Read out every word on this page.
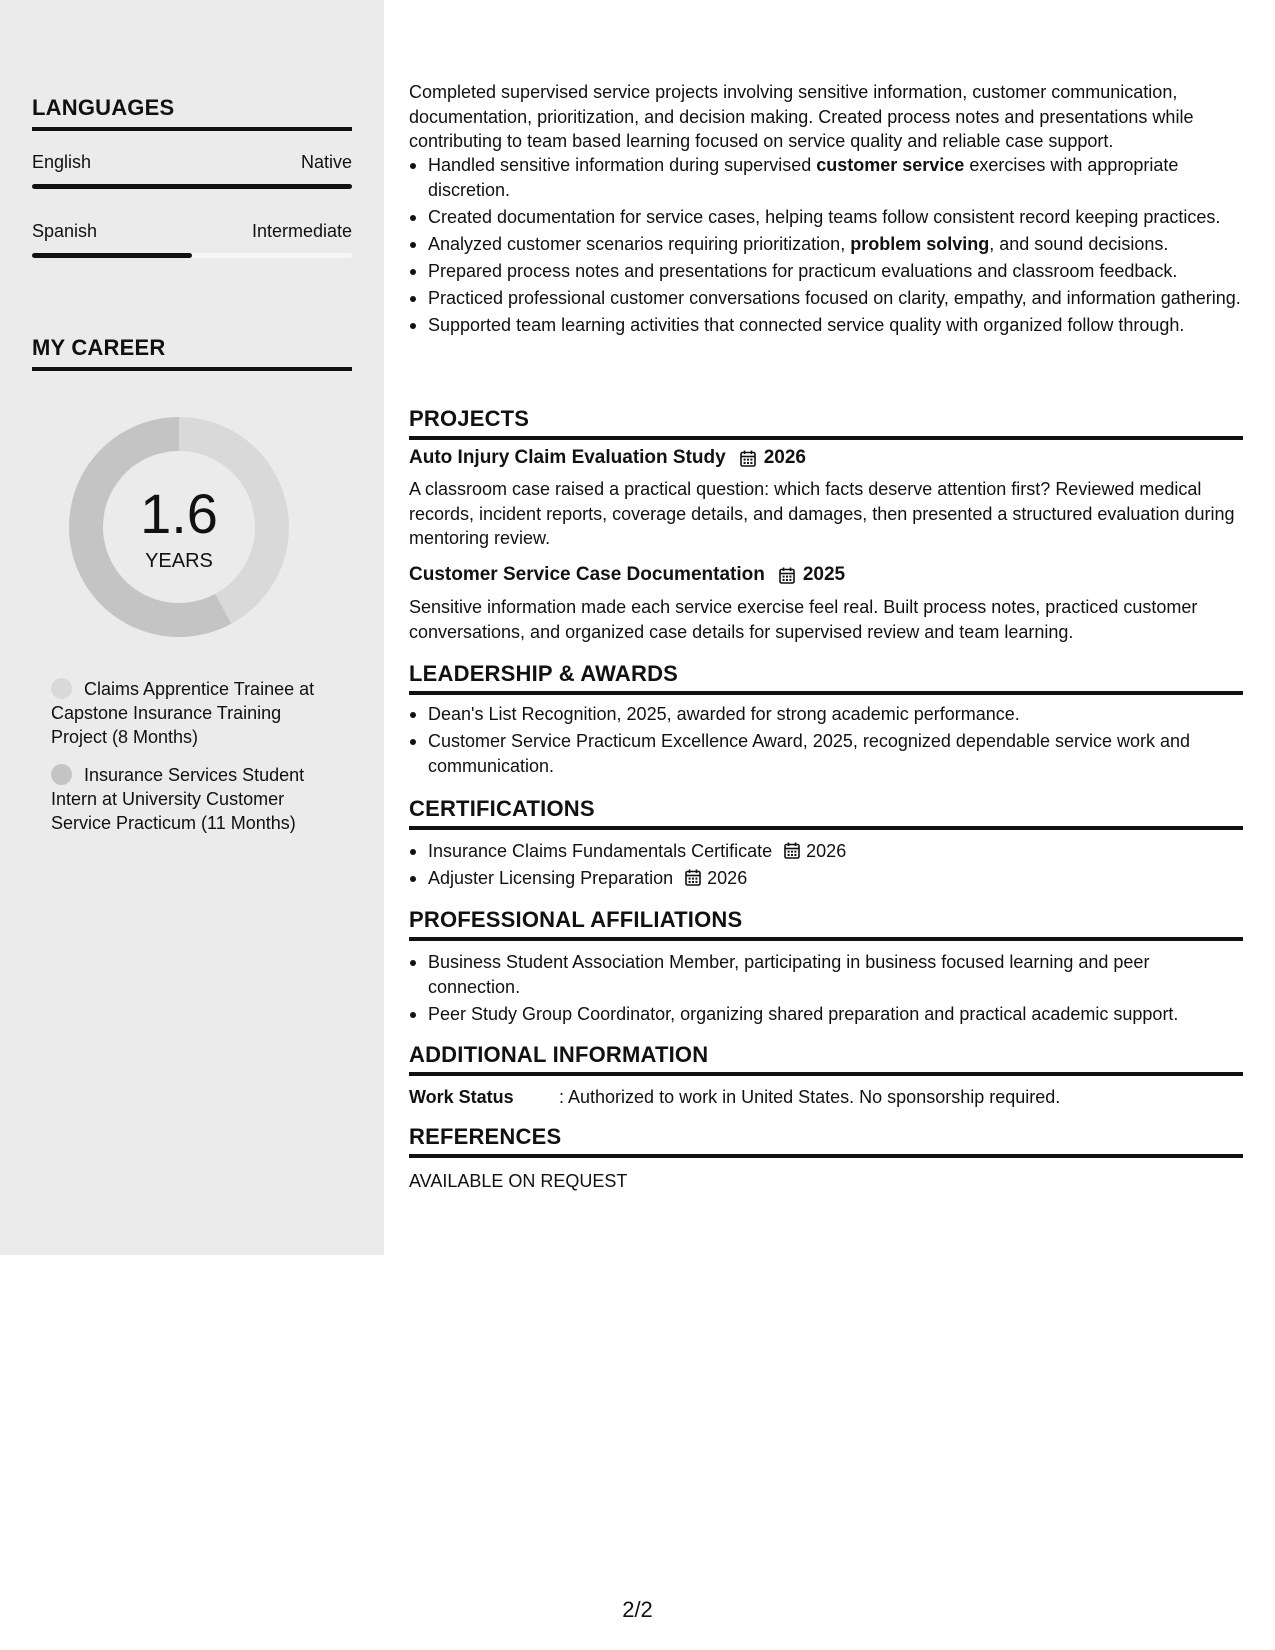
LANGUAGES
English	Native
Spanish	Intermediate
MY CAREER
1.6
YEARS
Claims Apprentice Trainee at Capstone Insurance Training Project (8 Months)
Insurance Services Student Intern at University Customer Service Practicum (11 Months)

Completed supervised service projects involving sensitive information, customer communication, documentation, prioritization, and decision making. Created process notes and presentations while contributing to team based learning focused on service quality and reliable case support.

Handled sensitive information during supervised customer service exercises with appropriate discretion.
Created documentation for service cases, helping teams follow consistent record keeping practices.
Analyzed customer scenarios requiring prioritization, problem solving, and sound decisions.
Prepared process notes and presentations for practicum evaluations and classroom feedback.
Practiced professional customer conversations focused on clarity, empathy, and information gathering.
Supported team learning activities that connected service quality with organized follow through.
PROJECTS
Auto Injury Claim Evaluation Study 2026

A classroom case raised a practical question: which facts deserve attention first? Reviewed medical records, incident reports, coverage details, and damages, then presented a structured evaluation during mentoring review.

Customer Service Case Documentation 2025

Sensitive information made each service exercise feel real. Built process notes, practiced customer conversations, and organized case details for supervised review and team learning.

LEADERSHIP & AWARDS
Dean's List Recognition, 2025, awarded for strong academic performance.
Customer Service Practicum Excellence Award, 2025, recognized dependable service work and communication.
CERTIFICATIONS
Insurance Claims Fundamentals Certificate 2026
Adjuster Licensing Preparation 2026
PROFESSIONAL AFFILIATIONS
Business Student Association Member, participating in business focused learning and peer connection.
Peer Study Group Coordinator, organizing shared preparation and practical academic support.
ADDITIONAL INFORMATION
Work Status	: Authorized to work in United States. No sponsorship required.
REFERENCES
AVAILABLE ON REQUEST
2/2
